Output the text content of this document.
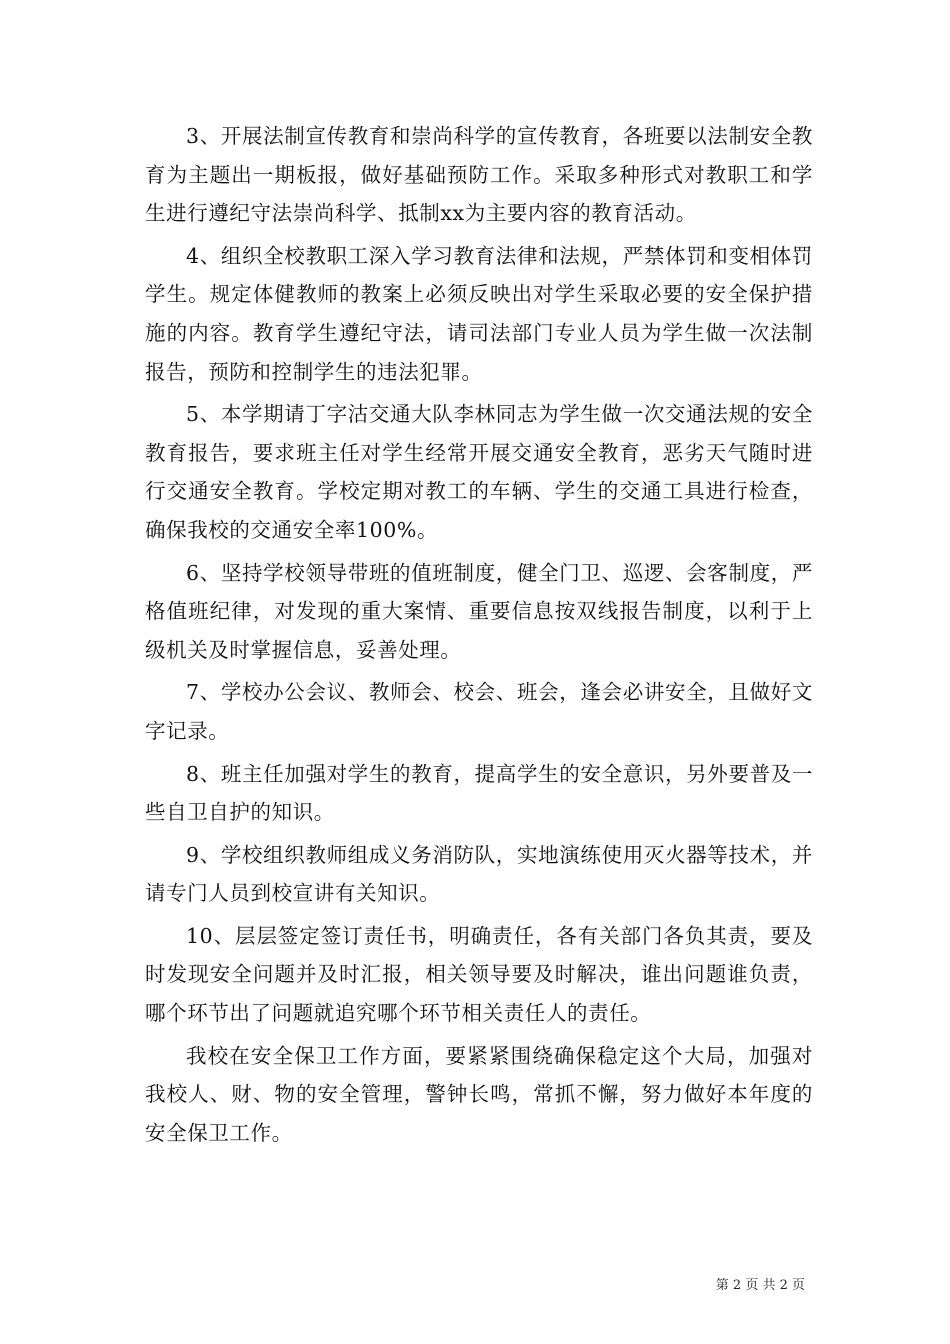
3、开展法制宣传教育和崇尚科学的宣传教育，各班要以法制安全教育为主题出一期板报，做好基础预防工作。采取多种形式对教职工和学生进行遵纪守法崇尚科学、抵制xx为主要内容的教育活动。

4、组织全校教职工深入学习教育法律和法规，严禁体罚和变相体罚学生。规定体健教师的教案上必须反映出对学生采取必要的安全保护措施的内容。教育学生遵纪守法，请司法部门专业人员为学生做一次法制报告，预防和控制学生的违法犯罪。

5、本学期请丁字沽交通大队李林同志为学生做一次交通法规的安全教育报告，要求班主任对学生经常开展交通安全教育，恶劣天气随时进行交通安全教育。学校定期对教工的车辆、学生的交通工具进行检查，确保我校的交通安全率100%。

6、坚持学校领导带班的值班制度，健全门卫、巡逻、会客制度，严格值班纪律，对发现的重大案情、重要信息按双线报告制度，以利于上级机关及时掌握信息，妥善处理。

7、学校办公会议、教师会、校会、班会，逢会必讲安全，且做好文字记录。

8、班主任加强对学生的教育，提高学生的安全意识，另外要普及一些自卫自护的知识。

9、学校组织教师组成义务消防队，实地演练使用灭火器等技术，并请专门人员到校宣讲有关知识。

10、层层签定签订责任书，明确责任，各有关部门各负其责，要及时发现安全问题并及时汇报，相关领导要及时解决，谁出问题谁负责，哪个环节出了问题就追究哪个环节相关责任人的责任。

我校在安全保卫工作方面，要紧紧围绕确保稳定这个大局，加强对我校人、财、物的安全管理，警钟长鸣，常抓不懈，努力做好本年度的安全保卫工作。

第 2 页 共 2 页
